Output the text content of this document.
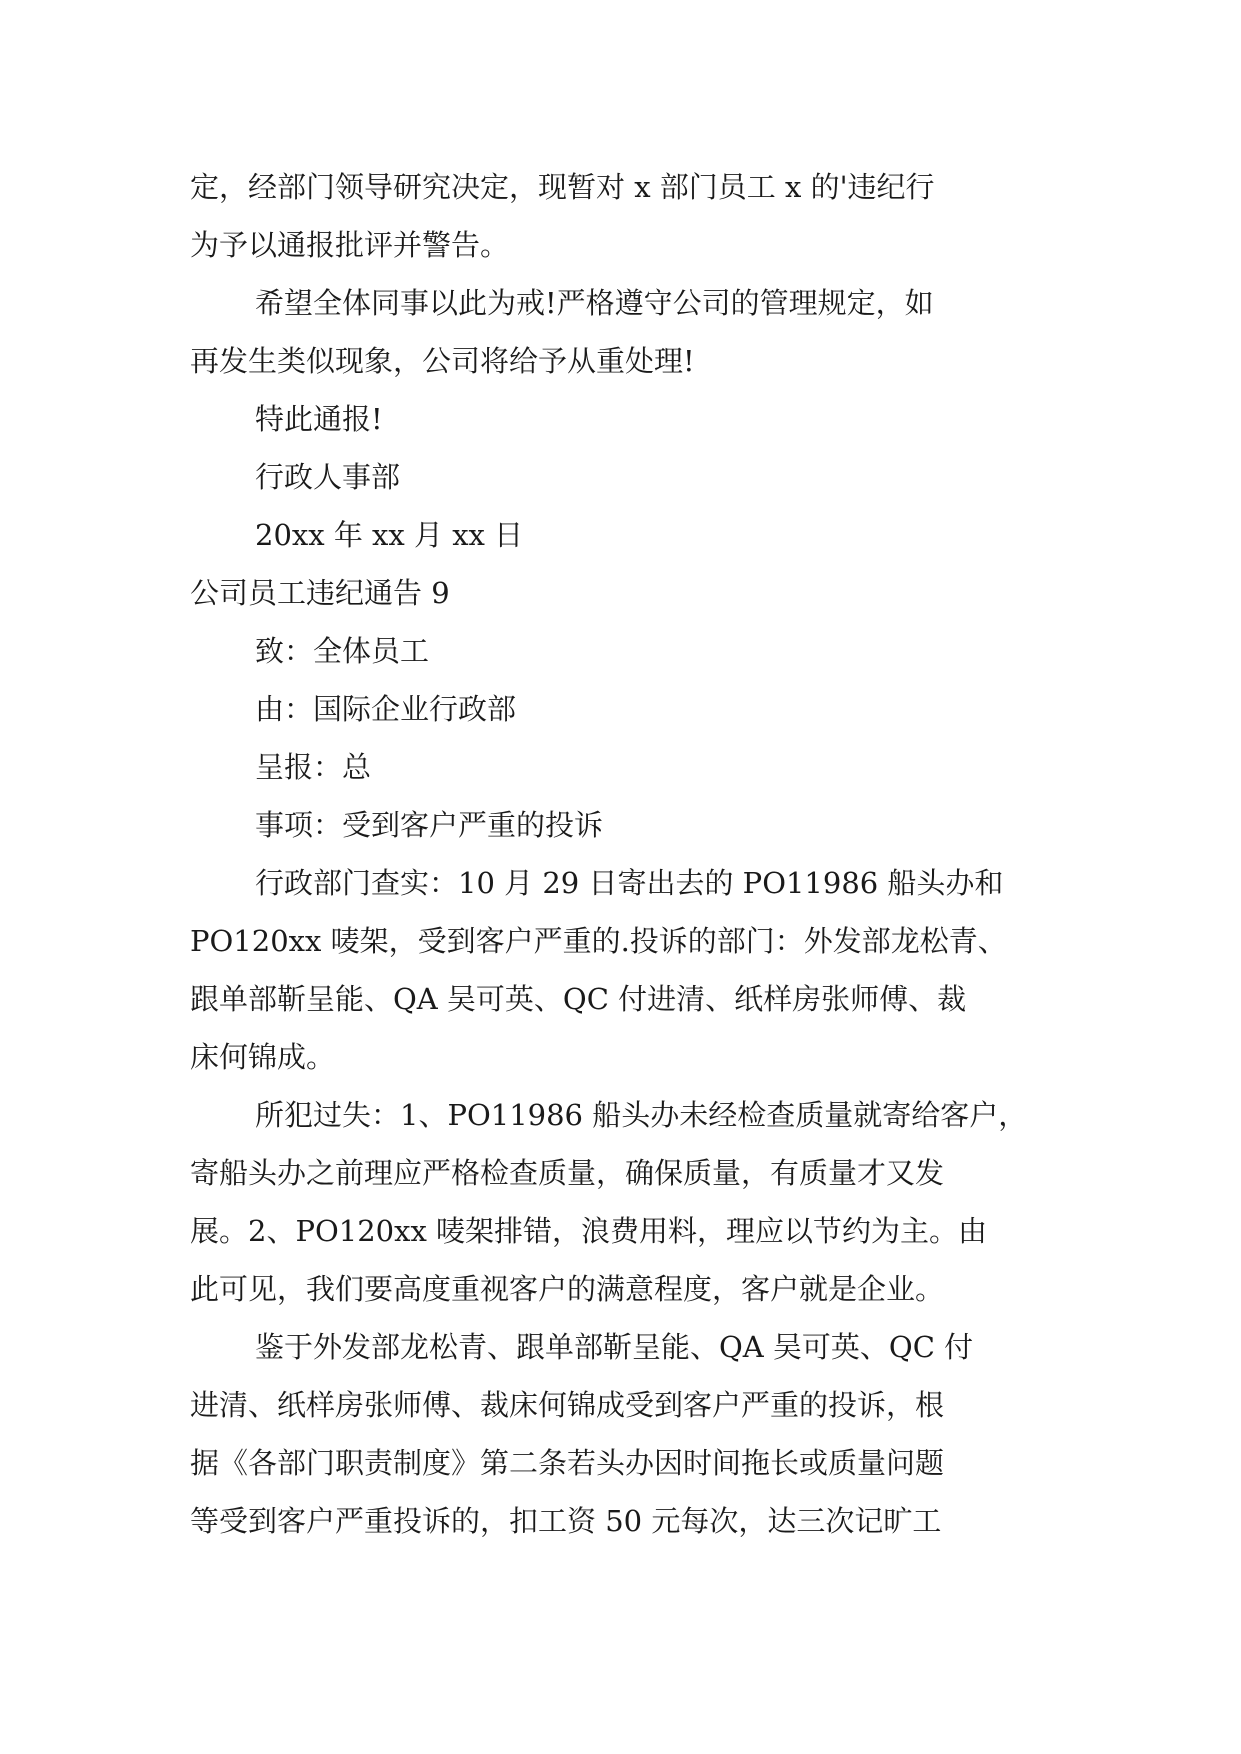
定，经部门领导研究决定，现暂对 x 部门员工 x 的'违纪行
为予以通报批评并警告。
希望全体同事以此为戒!严格遵守公司的管理规定，如
再发生类似现象，公司将给予从重处理!
特此通报!
行政人事部
20xx 年 xx 月 xx 日
公司员工违纪通告 9
致：全体员工
由：国际企业行政部
呈报：总
事项：受到客户严重的投诉
行政部门查实：10 月 29 日寄出去的 PO11986 船头办和
PO120xx 唛架，受到客户严重的.投诉的部门：外发部龙松青、
跟单部靳呈能、QA 吴可英、QC 付进清、纸样房张师傅、裁
床何锦成。
所犯过失：1、PO11986 船头办未经检查质量就寄给客户，
寄船头办之前理应严格检查质量，确保质量，有质量才又发
展。2、PO120xx 唛架排错，浪费用料，理应以节约为主。由
此可见，我们要高度重视客户的满意程度，客户就是企业。
鉴于外发部龙松青、跟单部靳呈能、QA 吴可英、QC 付
进清、纸样房张师傅、裁床何锦成受到客户严重的投诉，根
据《各部门职责制度》第二条若头办因时间拖长或质量问题
等受到客户严重投诉的，扣工资 50 元每次，达三次记旷工
